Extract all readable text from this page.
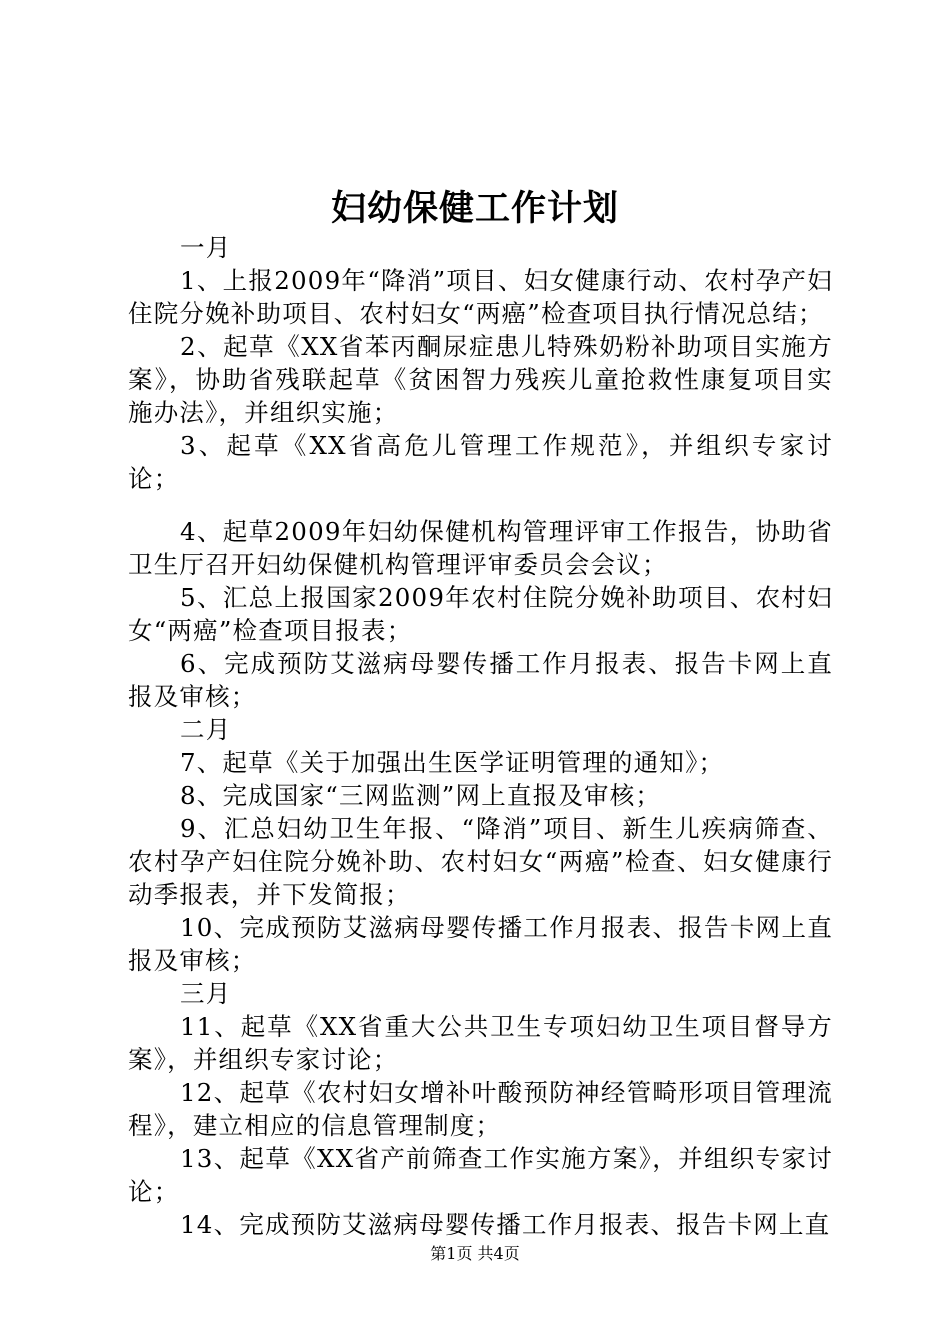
妇幼保健工作计划

一月

1、上报2009年“降消”项目、妇女健康行动、农村孕产妇住院分娩补助项目、农村妇女“两癌”检查项目执行情况总结；

2、起草《XX省苯丙酮尿症患儿特殊奶粉补助项目实施方案》，协助省残联起草《贫困智力残疾儿童抢救性康复项目实施办法》，并组织实施；

3、起草《XX省高危儿管理工作规范》，并组织专家讨论；

4、起草2009年妇幼保健机构管理评审工作报告，协助省卫生厅召开妇幼保健机构管理评审委员会会议；

5、汇总上报国家2009年农村住院分娩补助项目、农村妇女“两癌”检查项目报表；

6、完成预防艾滋病母婴传播工作月报表、报告卡网上直报及审核；

二月

7、起草《关于加强出生医学证明管理的通知》；

8、完成国家“三网监测”网上直报及审核；

9、汇总妇幼卫生年报、“降消”项目、新生儿疾病筛查、农村孕产妇住院分娩补助、农村妇女“两癌”检查、妇女健康行动季报表，并下发简报；

10、完成预防艾滋病母婴传播工作月报表、报告卡网上直报及审核；

三月

11、起草《XX省重大公共卫生专项妇幼卫生项目督导方案》，并组织专家讨论；

12、起草《农村妇女增补叶酸预防神经管畸形项目管理流程》，建立相应的信息管理制度；

13、起草《XX省产前筛查工作实施方案》，并组织专家讨论；

14、完成预防艾滋病母婴传播工作月报表、报告卡网上直

第1页 共4页
